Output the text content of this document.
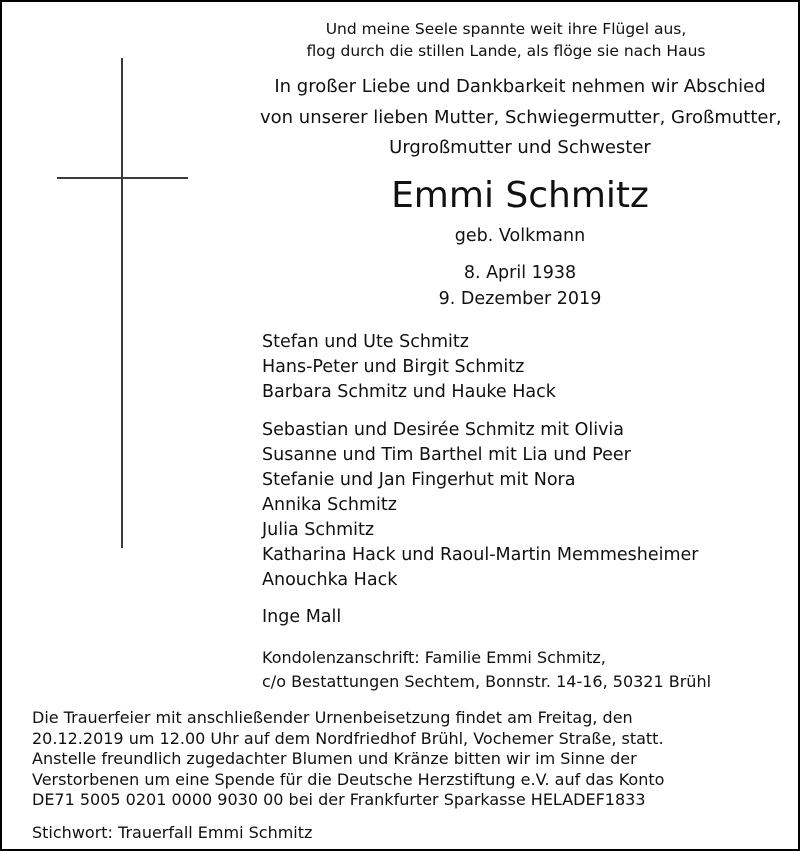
Und meine Seele spannte weit ihre Flügel aus,
flog durch die stillen Lande, als flöge sie nach Haus
In großer Liebe und Dankbarkeit nehmen wir Abschied
von unserer lieben Mutter, Schwiegermutter, Großmutter,
Urgroßmutter und Schwester
Emmi Schmitz
geb. Volkmann
8. April 1938
9. Dezember 2019
Stefan und Ute Schmitz
Hans-Peter und Birgit Schmitz
Barbara Schmitz und Hauke Hack
Sebastian und Desirée Schmitz mit Olivia
Susanne und Tim Barthel mit Lia und Peer
Stefanie und Jan Fingerhut mit Nora
Annika Schmitz
Julia Schmitz
Katharina Hack und Raoul-Martin Memmesheimer
Anouchka Hack
Inge Mall
Kondolenzanschrift: Familie Emmi Schmitz,
c/o Bestattungen Sechtem, Bonnstr. 14-16, 50321 Brühl
Die Trauerfeier mit anschließender Urnenbeisetzung findet am Freitag, den
20.12.2019 um 12.00 Uhr auf dem Nordfriedhof Brühl, Vochemer Straße, statt.
Anstelle freundlich zugedachter Blumen und Kränze bitten wir im Sinne der
Verstorbenen um eine Spende für die Deutsche Herzstiftung e.V. auf das Konto
DE71 5005 0201 0000 9030 00 bei der Frankfurter Sparkasse HELADEF1833
Stichwort: Trauerfall Emmi Schmitz
